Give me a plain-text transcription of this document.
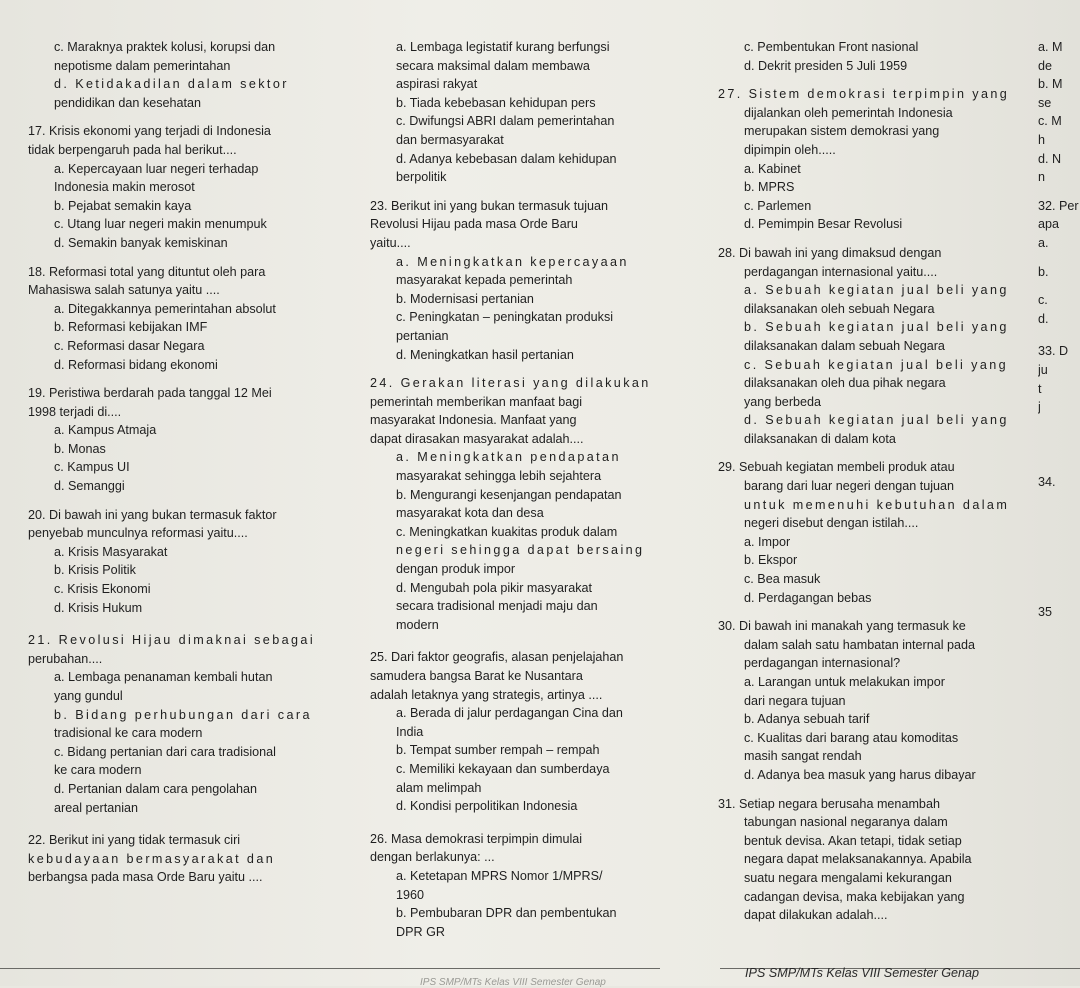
c. Maraknya praktek kolusi, korupsi dan
nepotisme dalam pemerintahan
d. Ketidakadilan dalam sektor
pendidikan dan kesehatan
17. Krisis ekonomi yang terjadi di Indonesia
tidak berpengaruh pada hal berikut....
a. Kepercayaan luar negeri terhadap
Indonesia makin merosot
b. Pejabat semakin kaya
c. Utang luar negeri makin menumpuk
d. Semakin banyak kemiskinan
18. Reformasi total yang dituntut oleh para
Mahasiswa salah satunya yaitu ....
a. Ditegakkannya pemerintahan absolut
b. Reformasi kebijakan IMF
c. Reformasi dasar Negara
d. Reformasi bidang ekonomi
19. Peristiwa berdarah pada tanggal 12 Mei
1998 terjadi di....
a. Kampus Atmaja
b. Monas
c. Kampus UI
d. Semanggi
20. Di bawah ini yang bukan termasuk faktor
penyebab munculnya reformasi yaitu....
a. Krisis Masyarakat
b. Krisis Politik
c. Krisis Ekonomi
d. Krisis Hukum
21. Revolusi Hijau dimaknai sebagai
perubahan....
a. Lembaga penanaman kembali hutan
yang gundul
b. Bidang perhubungan dari cara
tradisional ke cara modern
c. Bidang pertanian dari cara tradisional
ke cara modern
d. Pertanian dalam cara pengolahan
areal pertanian
22. Berikut ini yang tidak termasuk ciri
kebudayaan bermasyarakat dan
berbangsa pada masa Orde Baru yaitu ....
a. Lembaga legistatif kurang berfungsi
secara maksimal dalam membawa
aspirasi rakyat
b. Tiada kebebasan kehidupan pers
c. Dwifungsi ABRI dalam pemerintahan
dan bermasyarakat
d. Adanya kebebasan dalam kehidupan
berpolitik
23. Berikut ini yang bukan termasuk tujuan
Revolusi Hijau pada masa Orde Baru
yaitu....
a. Meningkatkan kepercayaan
masyarakat kepada pemerintah
b. Modernisasi pertanian
c. Peningkatan – peningkatan produksi
pertanian
d. Meningkatkan hasil pertanian
24. Gerakan literasi yang dilakukan
pemerintah memberikan manfaat bagi
masyarakat Indonesia. Manfaat yang
dapat dirasakan masyarakat adalah....
a. Meningkatkan pendapatan
masyarakat sehingga lebih sejahtera
b. Mengurangi kesenjangan pendapatan
masyarakat kota dan desa
c. Meningkatkan kuakitas produk dalam
negeri sehingga dapat bersaing
dengan produk impor
d. Mengubah pola pikir masyarakat
secara tradisional menjadi maju dan
modern
25. Dari faktor geografis, alasan penjelajahan
samudera bangsa Barat ke Nusantara
adalah letaknya yang strategis, artinya ....
a. Berada di jalur perdagangan Cina dan
India
b. Tempat sumber rempah – rempah
c. Memiliki kekayaan dan sumberdaya
alam melimpah
d. Kondisi perpolitikan Indonesia
26. Masa demokrasi terpimpin dimulai
dengan berlakunya: ...
a. Ketetapan MPRS Nomor 1/MPRS/
1960
b. Pembubaran DPR dan pembentukan
DPR GR
c. Pembentukan Front nasional
d. Dekrit presiden 5 Juli 1959
27. Sistem demokrasi terpimpin yang
dijalankan oleh pemerintah Indonesia
merupakan sistem demokrasi yang
dipimpin oleh.....
a. Kabinet
b. MPRS
c. Parlemen
d. Pemimpin Besar Revolusi
28. Di bawah ini yang dimaksud dengan
perdagangan internasional yaitu....
a. Sebuah kegiatan jual beli yang
dilaksanakan oleh sebuah Negara
b. Sebuah kegiatan jual beli yang
dilaksanakan dalam sebuah Negara
c. Sebuah kegiatan jual beli yang
dilaksanakan oleh dua pihak negara
yang berbeda
d. Sebuah kegiatan jual beli yang
dilaksanakan di dalam kota
29. Sebuah kegiatan membeli produk atau
barang dari luar negeri dengan tujuan
untuk memenuhi kebutuhan dalam
negeri disebut dengan istilah....
a. Impor
b. Ekspor
c. Bea masuk
d. Perdagangan bebas
30. Di bawah ini manakah yang termasuk ke
dalam salah satu hambatan internal pada
perdagangan internasional?
a. Larangan untuk melakukan impor
dari negara tujuan
b. Adanya sebuah tarif
c. Kualitas dari barang atau komoditas
masih sangat rendah
d. Adanya bea masuk yang harus dibayar
31. Setiap negara berusaha menambah
tabungan nasional negaranya dalam
bentuk devisa. Akan tetapi, tidak setiap
negara dapat melaksanakannya. Apabila
suatu negara mengalami kekurangan
cadangan devisa, maka kebijakan yang
dapat dilakukan adalah....
a. M
de
b. M
se
c. M
h
d. N
n
32. Per
apa
a.
b.
c.
d.
33. D
ju
t
j
34.
35
IPS SMP/MTs Kelas VIII Semester Genap
IPS SMP/MTs Kelas VIII Semester Genap
